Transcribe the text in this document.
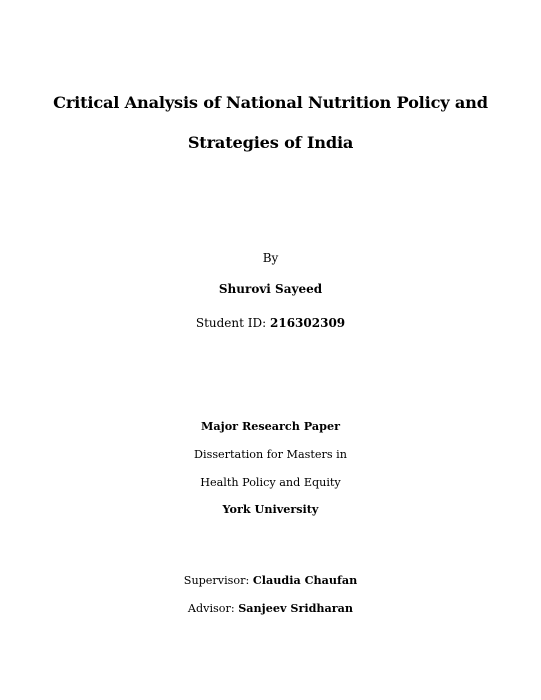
Critical Analysis of National Nutrition Policy and
Strategies of India
By
Shurovi Sayeed
Student ID: 216302309
Major Research Paper
Dissertation for Masters in
Health Policy and Equity
York University
Supervisor: Claudia Chaufan
Advisor: Sanjeev Sridharan
